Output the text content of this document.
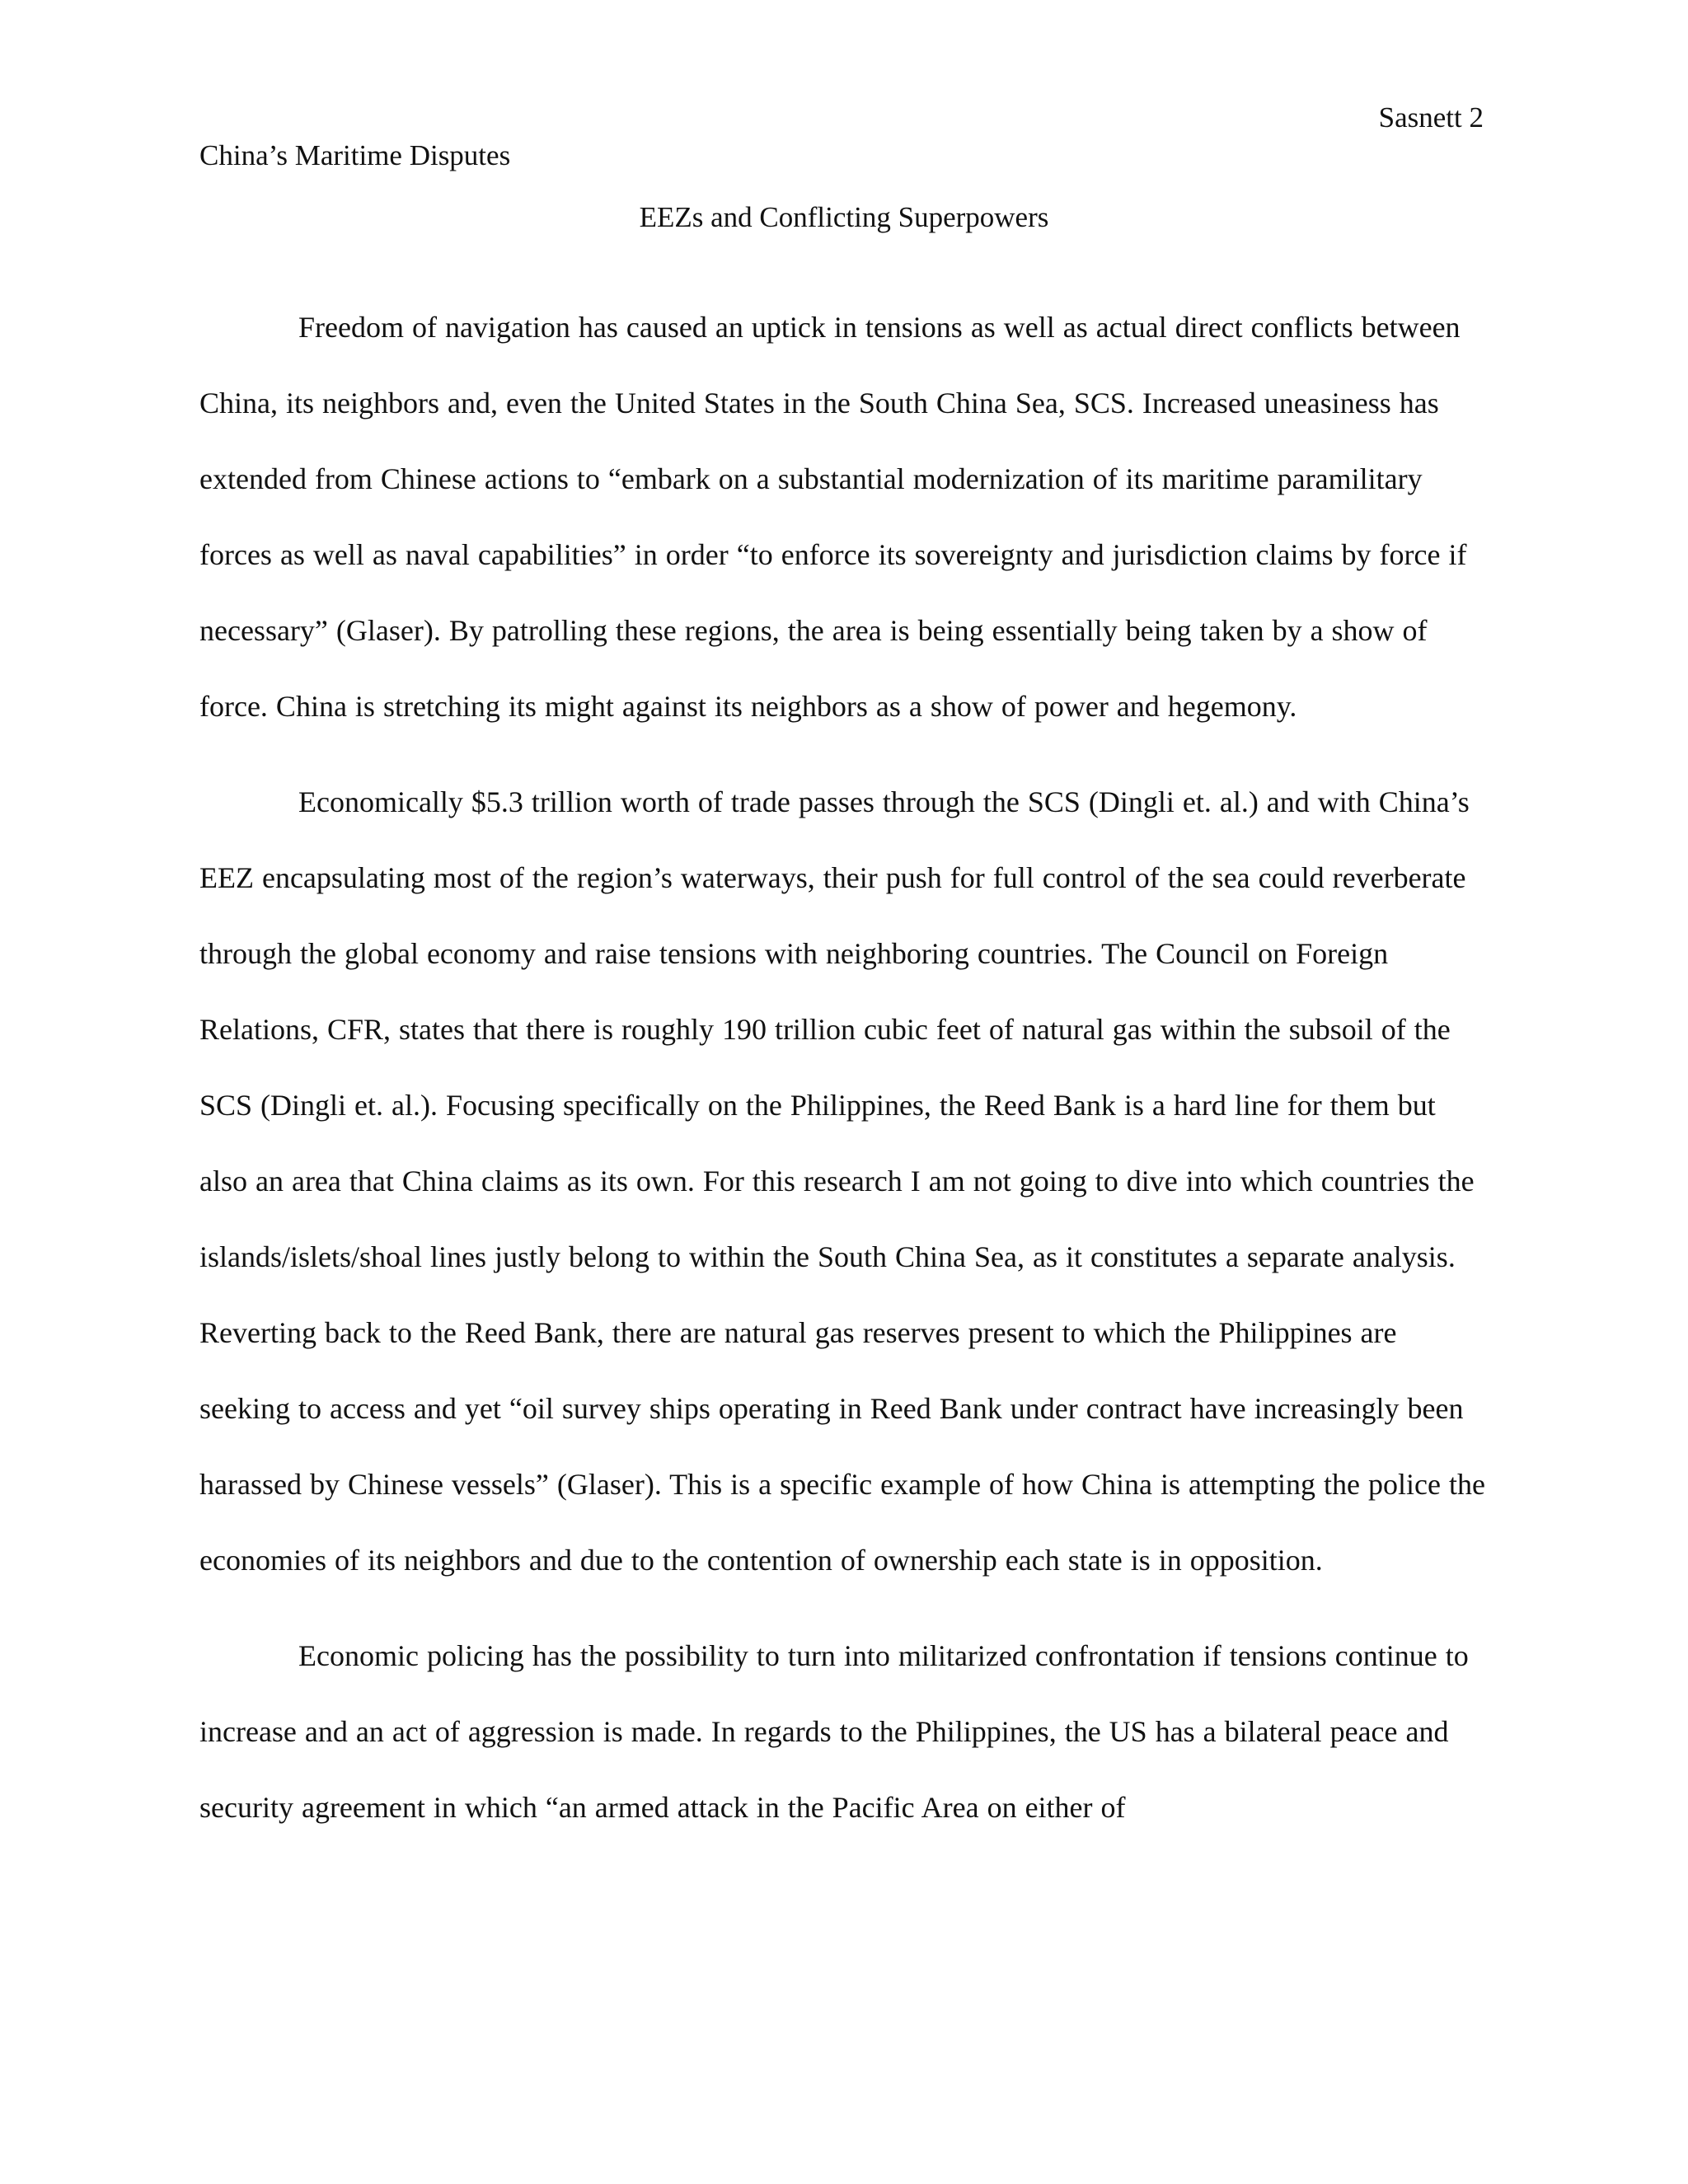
Sasnett 2
China’s Maritime Disputes
EEZs and Conflicting Superpowers

Freedom of navigation has caused an uptick in tensions as well as actual direct conflicts between China, its neighbors and, even the United States in the South China Sea, SCS. Increased uneasiness has extended from Chinese actions to “embark on a substantial modernization of its maritime paramilitary forces as well as naval capabilities” in order “to enforce its sovereignty and jurisdiction claims by force if necessary” (Glaser). By patrolling these regions, the area is being essentially being taken by a show of force. China is stretching its might against its neighbors as a show of power and hegemony.

Economically $5.3 trillion worth of trade passes through the SCS (Dingli et. al.) and with China’s EEZ encapsulating most of the region’s waterways, their push for full control of the sea could reverberate through the global economy and raise tensions with neighboring countries. The Council on Foreign Relations, CFR, states that there is roughly 190 trillion cubic feet of natural gas within the subsoil of the SCS (Dingli et. al.). Focusing specifically on the Philippines, the Reed Bank is a hard line for them but also an area that China claims as its own. For this research I am not going to dive into which countries the islands/islets/shoal lines justly belong to within the South China Sea, as it constitutes a separate analysis. Reverting back to the Reed Bank, there are natural gas reserves present to which the Philippines are seeking to access and yet “oil survey ships operating in Reed Bank under contract have increasingly been harassed by Chinese vessels” (Glaser). This is a specific example of how China is attempting the police the economies of its neighbors and due to the contention of ownership each state is in opposition.

Economic policing has the possibility to turn into militarized confrontation if tensions continue to increase and an act of aggression is made. In regards to the Philippines, the US has a bilateral peace and security agreement in which “an armed attack in the Pacific Area on either of
